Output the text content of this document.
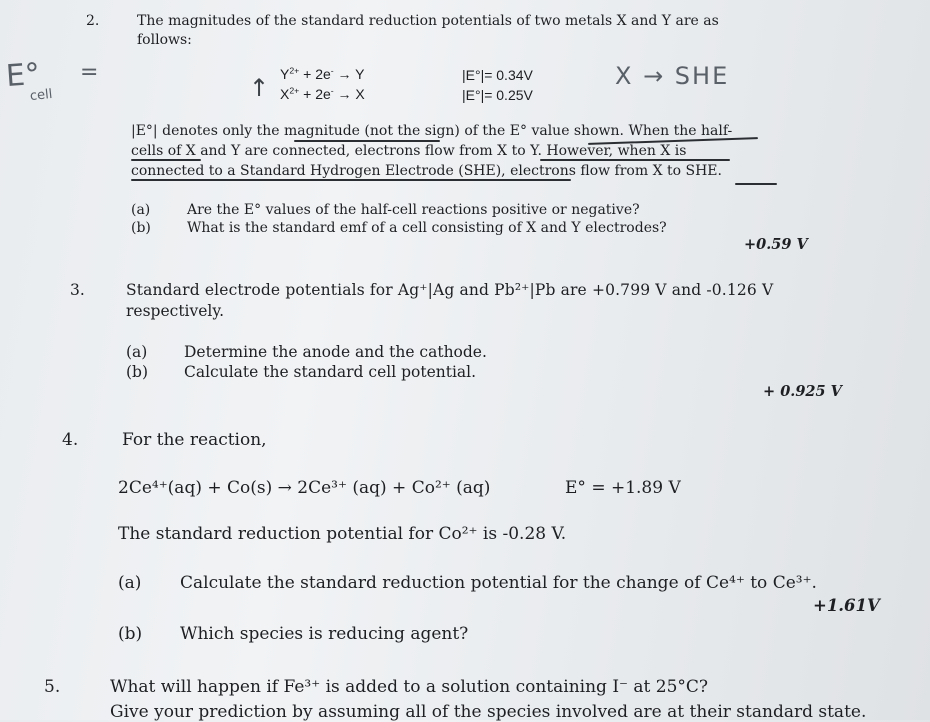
E° =
cell
X → SHE
↑
2.	The magnitudes of the standard reduction potentials of two metals X and Y are as
follows:
$Y^{2+} + 2e^- \to Y$	|E°|= 0.34V
$X^{2+} + 2e^- \to X$	|E°|= 0.25V
|E°| denotes only the magnitude (not the sign) of the E° value shown. When the half-
cells of X and Y are connected, electrons flow from X to Y. However, when X is
connected to a Standard Hydrogen Electrode (SHE), electrons flow from X to SHE.
(a)	Are the E° values of the half-cell reactions positive or negative?
(b)	What is the standard emf of a cell consisting of X and Y electrodes?
+0.59 V
3.	Standard electrode potentials for Ag⁺|Ag and Pb²⁺|Pb are +0.799 V and -0.126 V
respectively.
(a) Determine the anode and the cathode.
(b) Calculate the standard cell potential.
+ 0.925 V
4.	For the reaction,
2Ce⁴⁺(aq) + Co(s) → 2Ce³⁺ (aq) + Co²⁺ (aq)	E° = +1.89 V
The standard reduction potential for Co²⁺ is -0.28 V.
(a) Calculate the standard reduction potential for the change of Ce⁴⁺ to Ce³⁺.
+1.61V
(b) Which species is reducing agent?
5.	What will happen if Fe³⁺ is added to a solution containing I⁻ at 25°C?
Give your prediction by assuming all of the species involved are at their standard state.
